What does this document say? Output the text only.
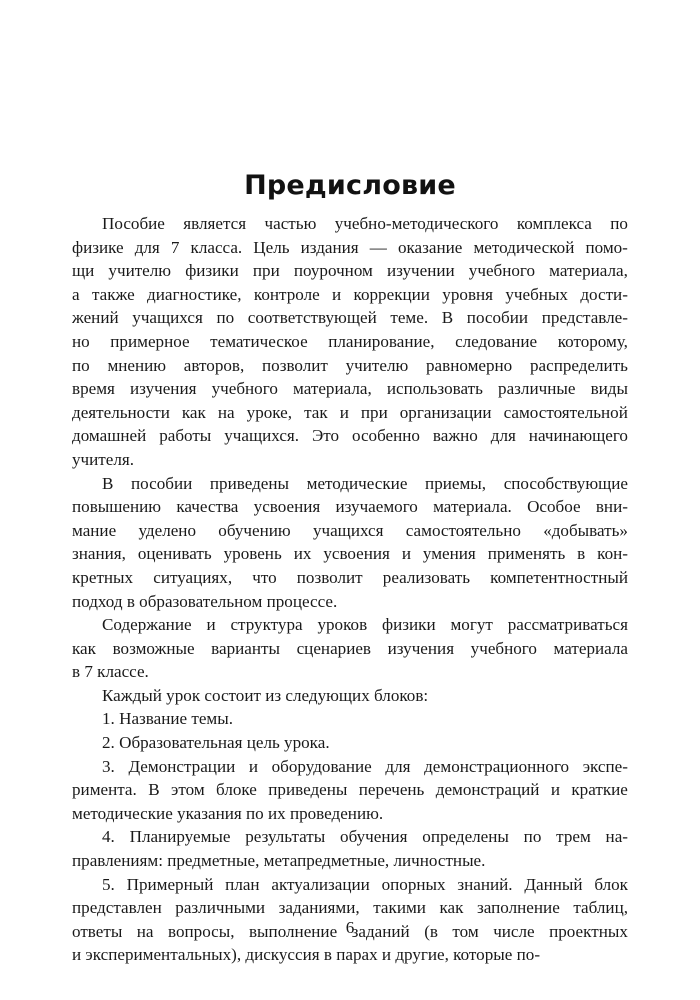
Предисловие
Пособие является частью учебно-методического комплекса по
физике для 7 класса. Цель издания — оказание методической помо-
щи учителю физики при поурочном изучении учебного материала,
а также диагностике, контроле и коррекции уровня учебных дости-
жений учащихся по соответствующей теме. В пособии представле-
но примерное тематическое планирование, следование которому,
по мнению авторов, позволит учителю равномерно распределить
время изучения учебного материала, использовать различные виды
деятельности как на уроке, так и при организации самостоятельной
домашней работы учащихся. Это особенно важно для начинающего
учителя.
В пособии приведены методические приемы, способствующие
повышению качества усвоения изучаемого материала. Особое вни-
мание уделено обучению учащихся самостоятельно «добывать»
знания, оценивать уровень их усвоения и умения применять в кон-
кретных ситуациях, что позволит реализовать компетентностный
подход в образовательном процессе.
Содержание и структура уроков физики могут рассматриваться
как возможные варианты сценариев изучения учебного материала
в 7 классе.
Каждый урок состоит из следующих блоков:
1. Название темы.
2. Образовательная цель урока.
3. Демонстрации и оборудование для демонстрационного экспе-
римента. В этом блоке приведены перечень демонстраций и краткие
методические указания по их проведению.
4. Планируемые результаты обучения определены по трем на-
правлениям: предметные, метапредметные, личностные.
5. Примерный план актуализации опорных знаний. Данный блок
представлен различными заданиями, такими как заполнение таблиц,
ответы на вопросы, выполнение заданий (в том числе проектных
и экспериментальных), дискуссия в парах и другие, которые по-
6
